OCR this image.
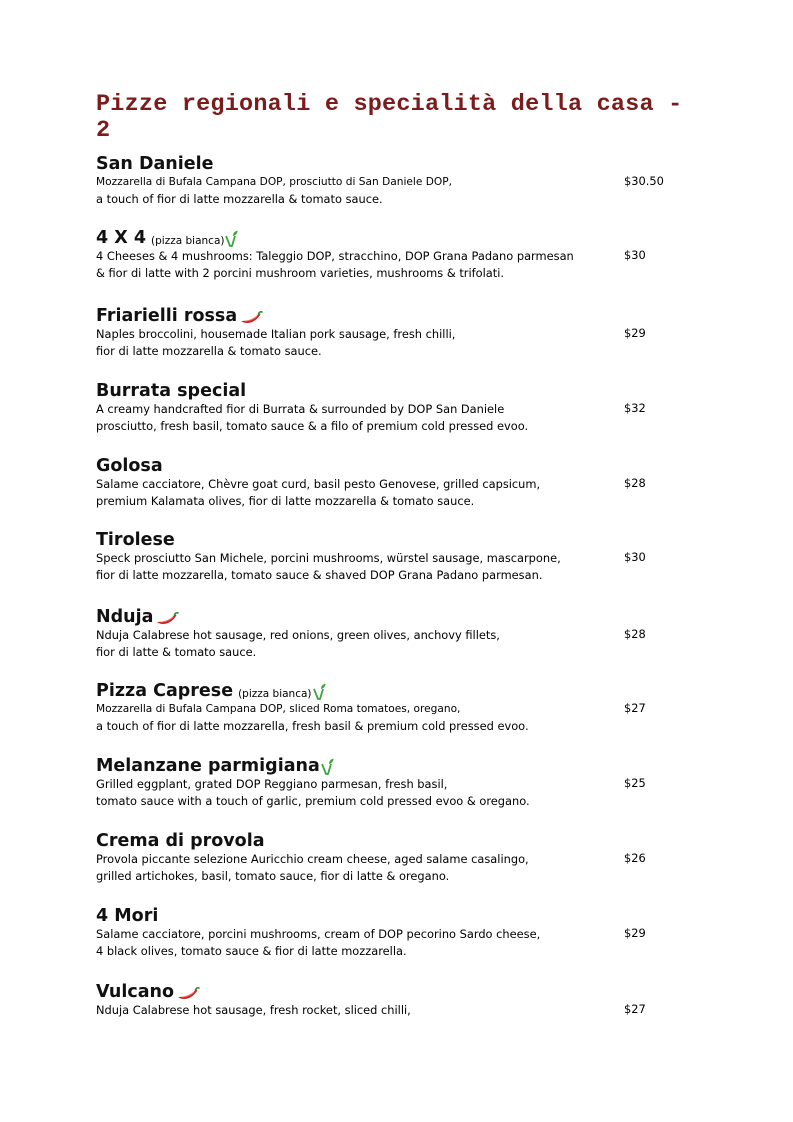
Pizze regionali e specialità della casa - 2
San Daniele
Mozzarella di Bufala Campana DOP, prosciutto di San Daniele DOP,
a touch of fior di latte mozzarella & tomato sauce.
$30.50
4 X 4 (pizza bianca)
4 Cheeses & 4 mushrooms: Taleggio DOP, stracchino, DOP Grana Padano parmesan
& fior di latte with 2 porcini mushroom varieties, mushrooms & trifolati.
$30
Friarielli rossa
Naples broccolini, housemade Italian pork sausage, fresh chilli,
fior di latte mozzarella & tomato sauce.
$29
Burrata special
A creamy handcrafted fior di Burrata & surrounded by DOP San Daniele
prosciutto, fresh basil, tomato sauce & a filo of premium cold pressed evoo.
$32
Golosa
Salame cacciatore, Chèvre goat curd, basil pesto Genovese, grilled capsicum,
premium Kalamata olives, fior di latte mozzarella & tomato sauce.
$28
Tirolese
Speck prosciutto San Michele, porcini mushrooms, würstel sausage, mascarpone,
fior di latte mozzarella, tomato sauce & shaved DOP Grana Padano parmesan.
$30
Nduja
Nduja Calabrese hot sausage, red onions, green olives, anchovy fillets,
fior di latte & tomato sauce.
$28
Pizza Caprese (pizza bianca)
Mozzarella di Bufala Campana DOP, sliced Roma tomatoes, oregano,
a touch of fior di latte mozzarella, fresh basil & premium cold pressed evoo.
$27
Melanzane parmigiana
Grilled eggplant, grated DOP Reggiano parmesan, fresh basil,
tomato sauce with a touch of garlic, premium cold pressed evoo & oregano.
$25
Crema di provola
Provola piccante selezione Auricchio cream cheese, aged salame casalingo,
grilled artichokes, basil, tomato sauce, fior di latte & oregano.
$26
4 Mori
Salame cacciatore, porcini mushrooms, cream of DOP pecorino Sardo cheese,
4 black olives, tomato sauce & fior di latte mozzarella.
$29
Vulcano
Nduja Calabrese hot sausage, fresh rocket, sliced chilli,	$27
